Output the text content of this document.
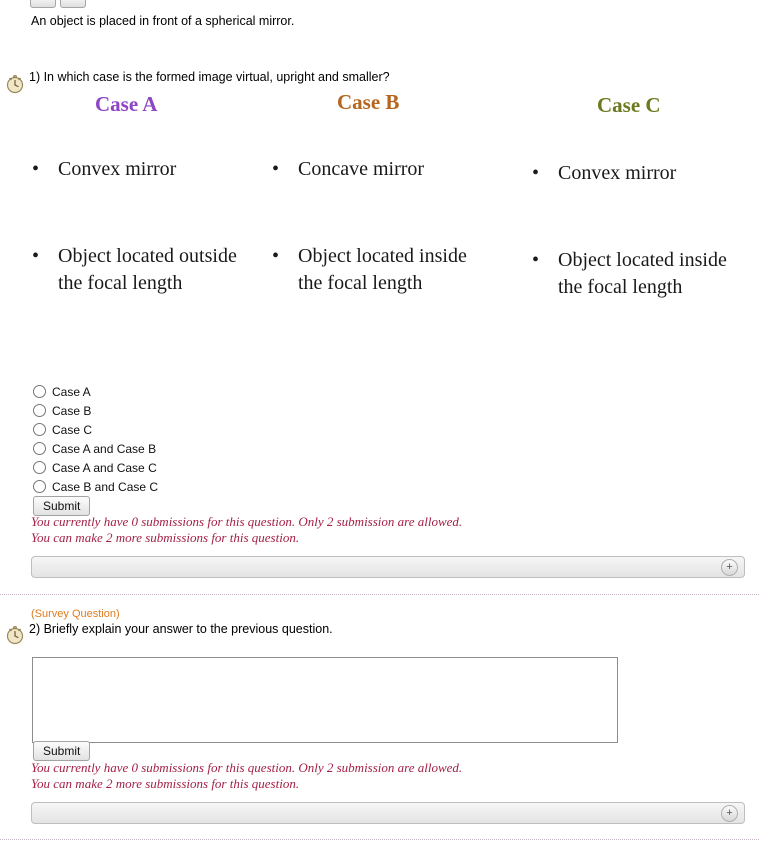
An object is placed in front of a spherical mirror.
1) In which case is the formed image virtual, upright and smaller?
Case A	Case B	Case C
• Convex mirror
• Object located outside the focal length
• Concave mirror
• Object located inside the focal length
• Convex mirror
• Object located inside the focal length
Case A
Case B
Case C
Case A and Case B
Case A and Case C
Case B and Case C
Submit
You currently have 0 submissions for this question. Only 2 submission are allowed.
You can make 2 more submissions for this question.
+
(Survey Question)
2) Briefly explain your answer to the previous question.
Submit
You currently have 0 submissions for this question. Only 2 submission are allowed.
You can make 2 more submissions for this question.
+
